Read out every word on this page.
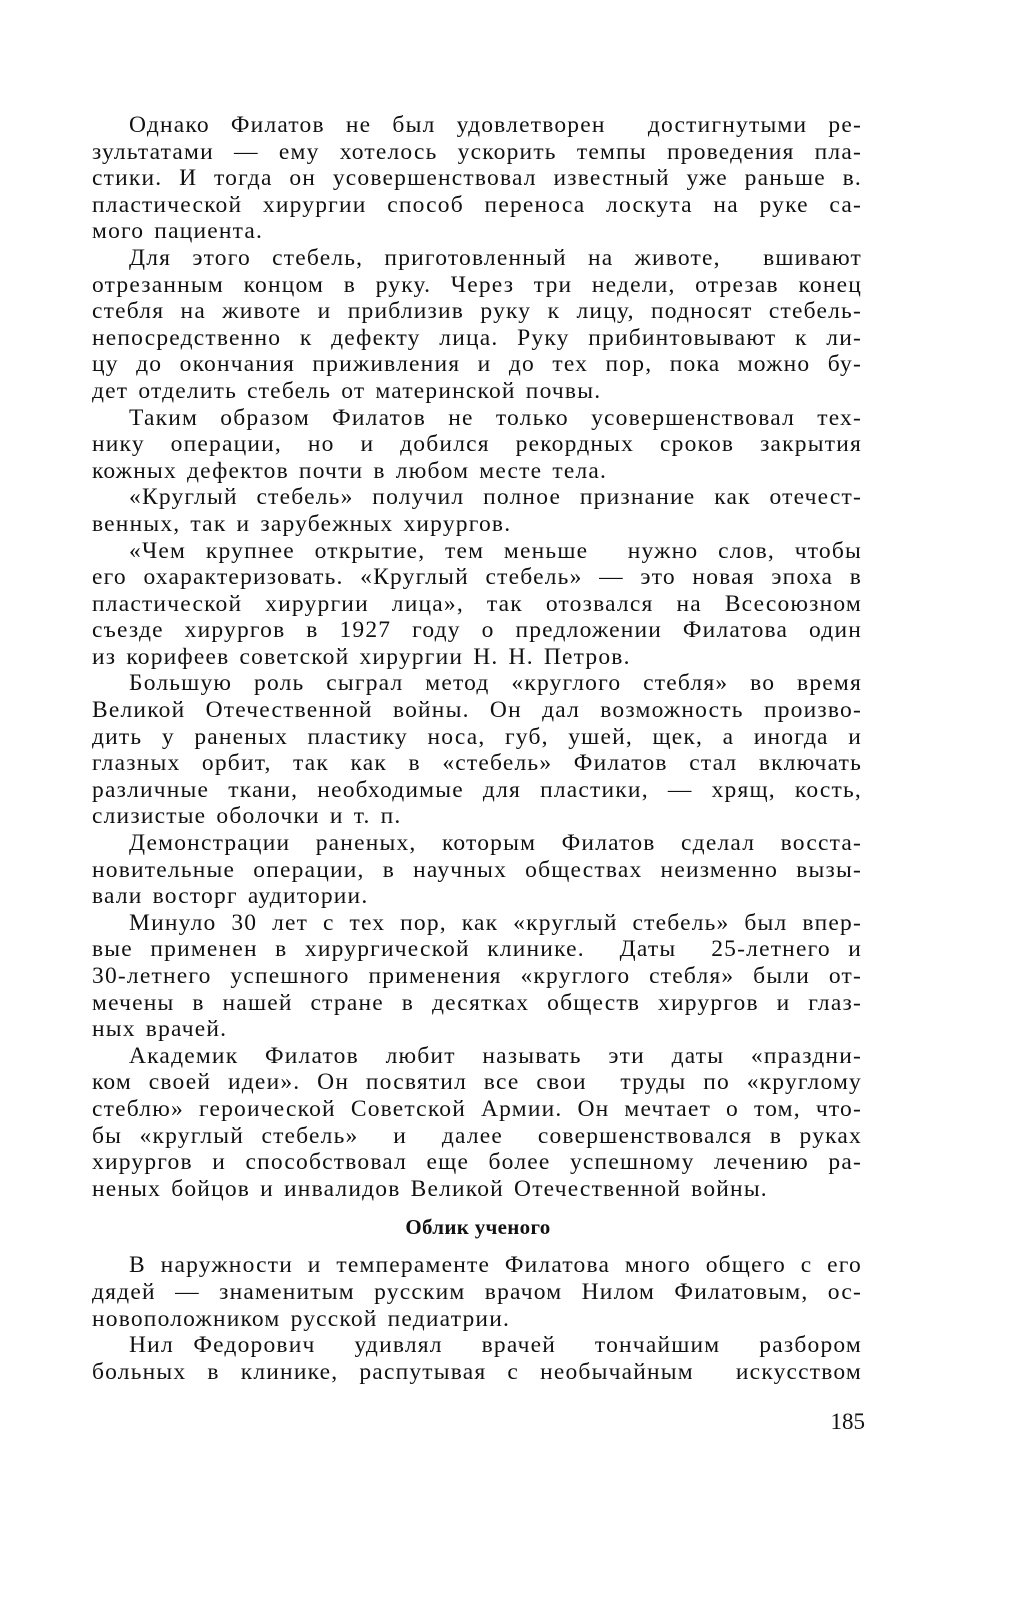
Однако Филатов не был удовлетворен  достигнутыми ре-
зультатами — ему хотелось ускорить темпы проведения пла-
стики. И тогда он усовершенствовал известный уже раньше в.
пластической хирургии способ переноса лоскута на руке са-
мого пациента.
Для этого стебель, приготовленный на животе,  вшивают
отрезанным концом в руку. Через три недели, отрезав конец
стебля на животе и приблизив руку к лицу, подносят стебель-
непосредственно к дефекту лица. Руку прибинтовывают к ли-
цу до окончания приживления и до тех пор, пока можно бу-
дет отделить стебель от материнской почвы.
Таким образом Филатов не только усовершенствовал тех-
нику операции, но и добился рекордных сроков закрытия
кожных дефектов почти в любом месте тела.
«Круглый стебель» получил полное признание как отечест-
венных, так и зарубежных хирургов.
«Чем крупнее открытие, тем меньше  нужно слов, чтобы
его охарактеризовать. «Круглый стебель» — это новая эпоха в
пластической хирургии лица», так отозвался на Всесоюзном
съезде хирургов в 1927 году о предложении Филатова один
из корифеев советской хирургии Н. Н. Петров.
Большую роль сыграл метод «круглого стебля» во время
Великой Отечественной войны. Он дал возможность произво-
дить у раненых пластику носа, губ, ушей, щек, а иногда и
глазных орбит, так как в «стебель» Филатов стал включать
различные ткани, необходимые для пластики, — хрящ, кость,
слизистые оболочки и т. п.
Демонстрации раненых, которым Филатов сделал восста-
новительные операции, в научных обществах неизменно вызы-
вали восторг аудитории.
Минуло 30 лет с тех пор, как «круглый стебель» был впер-
вые применен в хирургической клинике.  Даты  25-летнего и
30-летнего успешного применения «круглого стебля» были от-
мечены в нашей стране в десятках обществ хирургов и глаз-
ных врачей.
Академик Филатов любит называть эти даты «праздни-
ком своей идеи». Он посвятил все свои  труды по «круглому
стеблю» героической Советской Армии. Он мечтает о том, что-
бы «круглый стебель»  и  далее  совершенствовался в руках
хирургов и способствовал еще более успешному лечению ра-
неных бойцов и инвалидов Великой Отечественной войны.
Облик ученого
В наружности и темпераменте Филатова много общего с его
дядей — знаменитым русским врачом Нилом Филатовым, ос-
новоположником русской педиатрии.
Нил Федорович  удивлял  врачей  тончайшим  разбором
больных в клинике, распутывая с необычайным  искусством
185
